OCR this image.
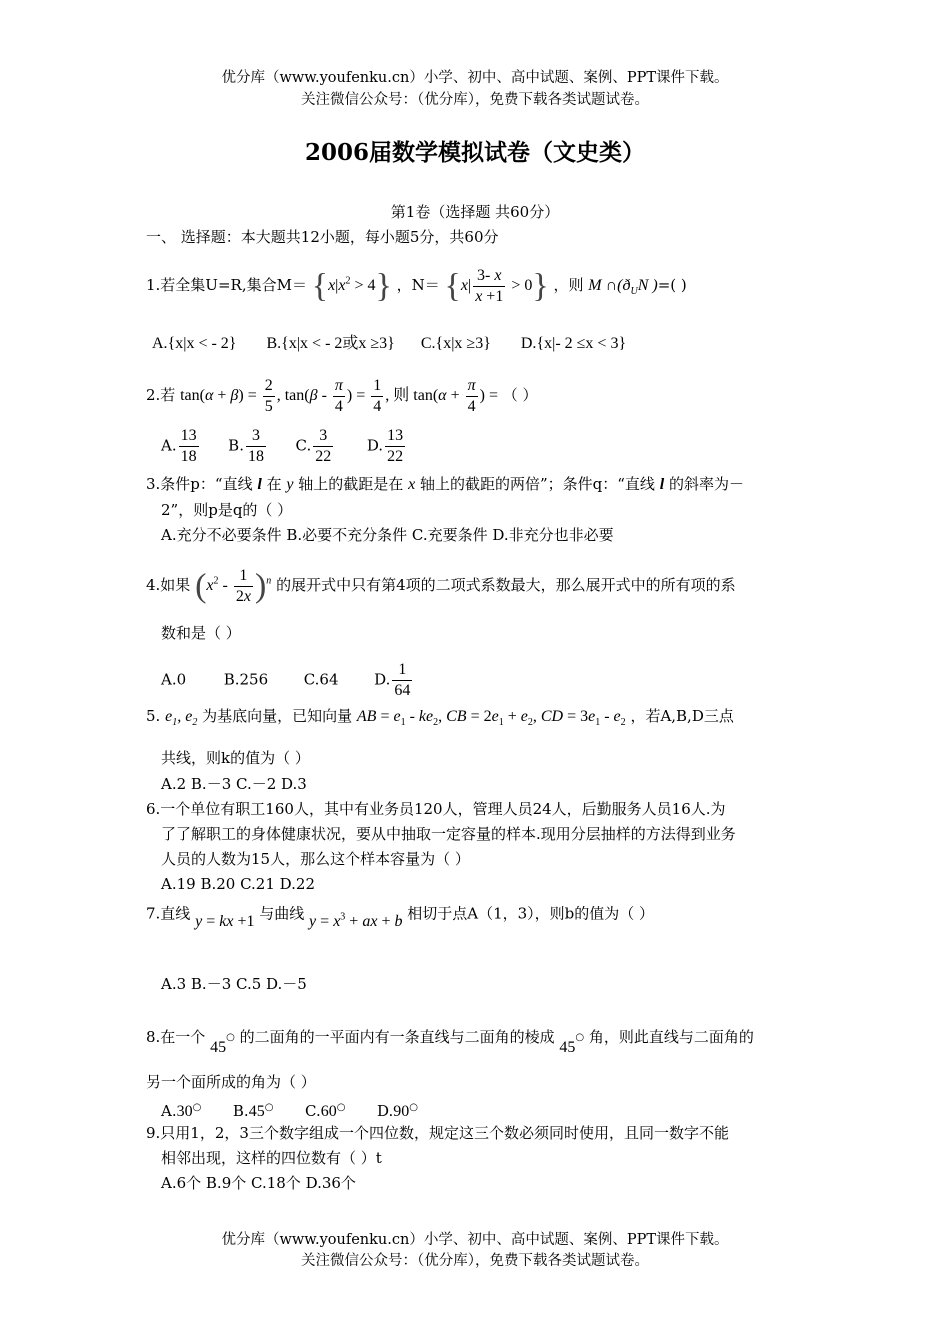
优分库（www.youfenku.cn）小学、初中、高中试题、案例、PPT课件下载。
关注微信公众号：（优分库），免费下载各类试题试卷。
2006届数学模拟试卷（文史类）
第1卷（选择题 共60分）
一、 选择题：本大题共12小题，每小题5分，共60分
1.若全集U=R,集合$M= \{x|x^2 > 4\}$ ，$N= \{x| \frac{3- x}{x +1} > 0\}$ ，则 M $\cap(ð_UN$ )=( )
A.{x|x < - 2} B.{x|x < - 2或x ≥3} C.{x|x ≥3} D.{x|- 2 ≤x < 3}
2.若 $\tan(\alpha + \beta) = \frac{2}{5}$ , $\tan(\beta - \frac{\pi}{4}$ ) = $\frac{1}{4}$ , 则 $\tan(\alpha + \frac{\pi}{4}$ ) = （ ）
A. $\frac{13}{18} B$. $\frac{3}{18} C$. $\frac{3}{22} D$. $\frac{13}{22}$
3.条件p：“直线 l 在 y 轴上的截距是在 x 轴上的截距的两倍”；条件q：“直线 l 的斜率为－
2”，则p是q的（ ）
A.充分不必要条件 B.必要不充分条件 C.充要条件 D.非充分也非必要
4.如果 $(x^2 - \frac{1}{2x} )^n$ 的展开式中只有第4项的二项式系数最大，那么展开式中的所有项的系
数和是（ ）
A.0	B.256 C.64 D. $\frac{1}{64}$
5. $e_1$, $e_2$ 为基底向量，已知向量 AB = $e_1 - ke_2$, CB = $2e_1 + e_2$, CD = $3e_1 - e_2$ ，若A,B,D三点
共线，则k的值为（ ）
A.2 B.－3 C.－2 D.3
6.一个单位有职工160人，其中有业务员120人，管理人员24人，后勤服务人员16人.为
了了解职工的身体健康状况，要从中抽取一定容量的样本.现用分层抽样的方法得到业务
人员的人数为15人，那么这个样本容量为（ ）
A.19 B.20 C.21 D.22
7.直线 y = kx +1 与曲线 $y = x^3$ + ax + b 相切于点A（1，3），则b的值为（ ）
A.3 B.－3 C.5 D.－5
8.在一个 45○ 的二面角的一平面内有一条直线与二面角的棱成 45○ 角，则此直线与二面角的
另一个面所成的角为（ ）
A.30○ B.45○ C.60○ D.90○
9.只用1，2，3三个数字组成一个四位数，规定这三个数必须同时使用，且同一数字不能
相邻出现，这样的四位数有（ ）t
A.6个 B.9个 C.18个 D.36个
优分库（www.youfenku.cn）小学、初中、高中试题、案例、PPT课件下载。
关注微信公众号：（优分库），免费下载各类试题试卷。
